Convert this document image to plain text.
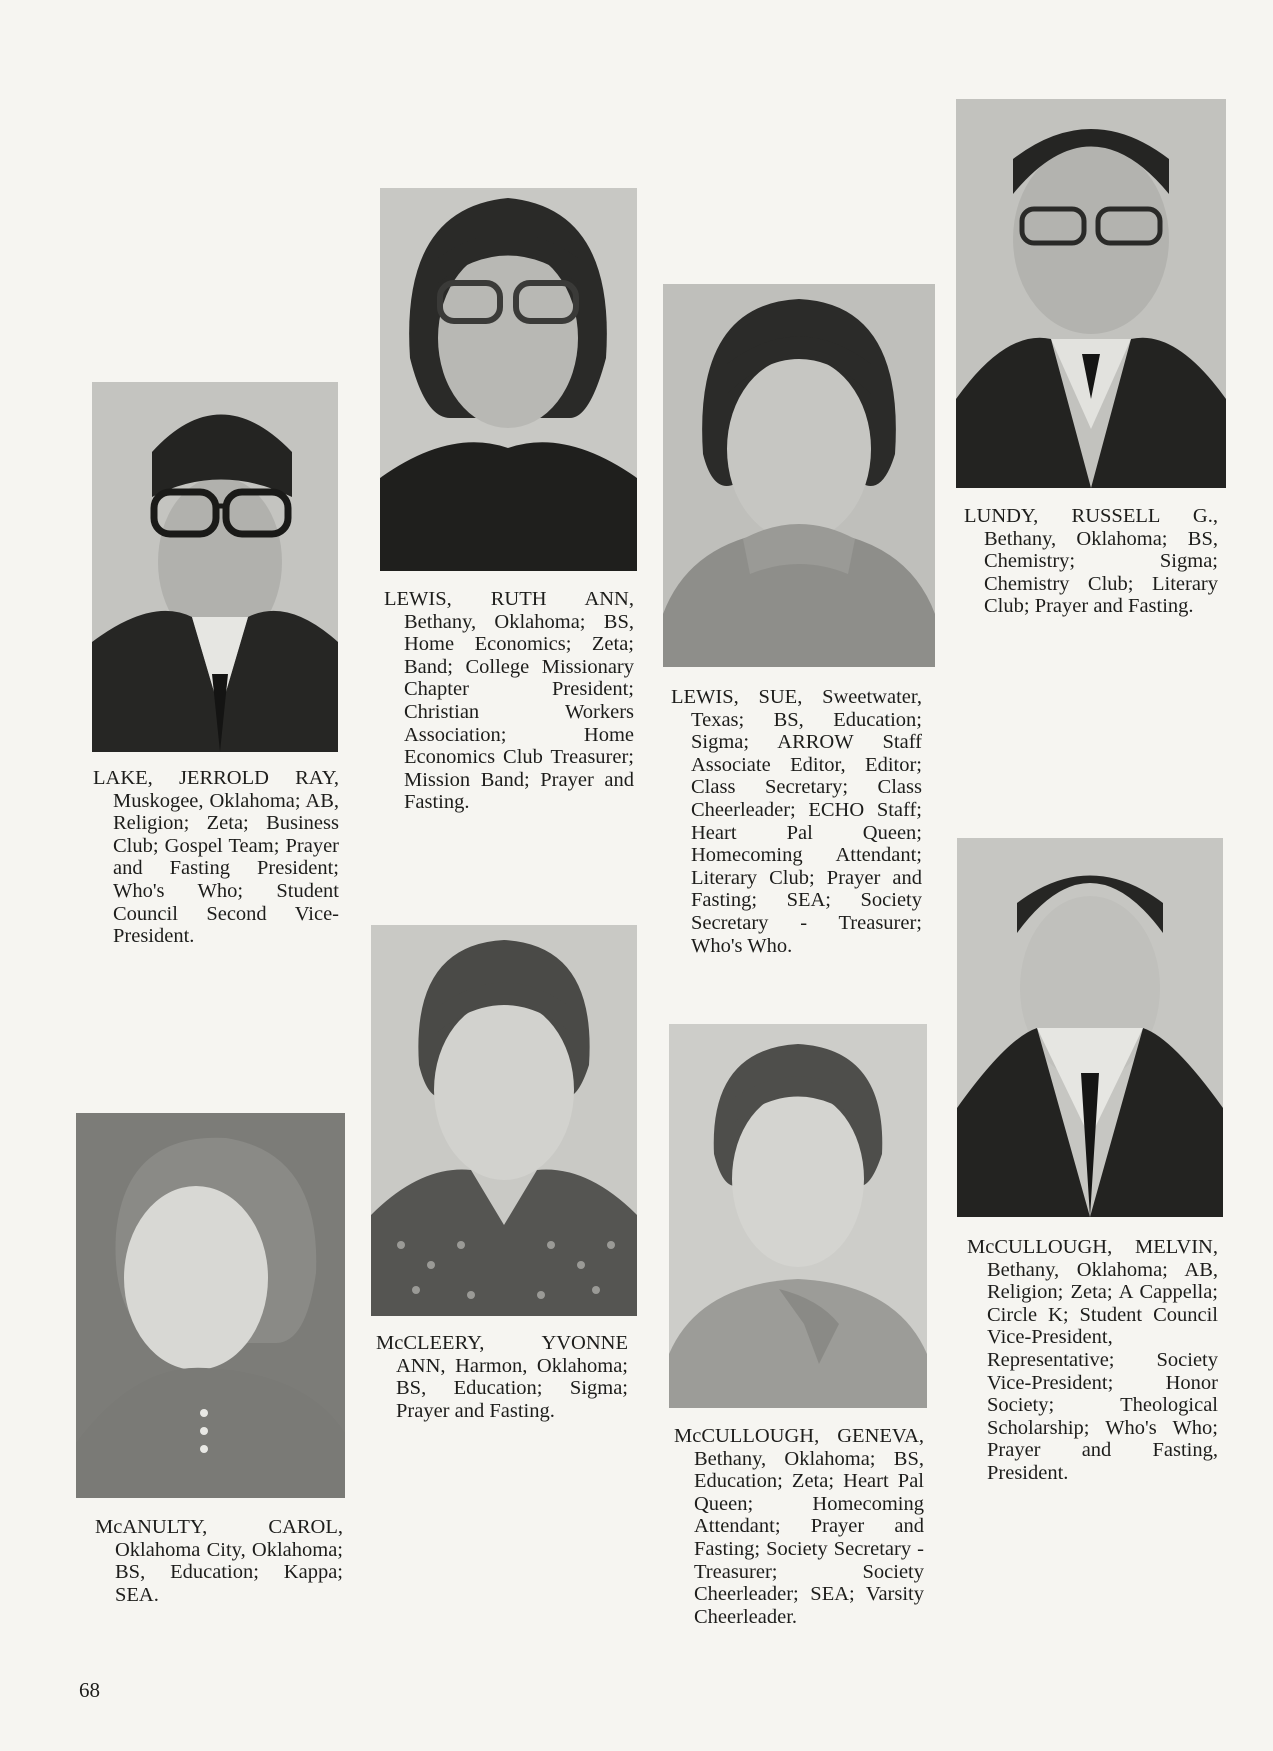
LAKE, JERROLD RAY, Muskogee, Oklahoma; AB, Religion; Zeta; Business Club; Gospel Team; Prayer and Fasting President; Who's Who; Student Council Second Vice-President.
LEWIS, RUTH ANN, Bethany, Oklahoma; BS, Home Economics; Zeta; Band; College Missionary Chapter President; Christian Workers Association; Home Economics Club Treasurer; Mission Band; Prayer and Fasting.
LEWIS, SUE, Sweetwater, Texas; BS, Education; Sigma; ARROW Staff Associate Editor, Editor; Class Secretary; Class Cheerleader; ECHO Staff; Heart Pal Queen; Homecoming Attendant; Literary Club; Prayer and Fasting; SEA; Society Secretary - Treasurer; Who's Who.
LUNDY, RUSSELL G., Bethany, Oklahoma; BS, Chemistry; Sigma; Chemistry Club; Literary Club; Prayer and Fasting.
McANULTY, CAROL, Oklahoma City, Oklahoma; BS, Education; Kappa; SEA.
McCLEERY, YVONNE ANN, Harmon, Oklahoma; BS, Education; Sigma; Prayer and Fasting.
McCULLOUGH, GENEVA, Bethany, Oklahoma; BS, Education; Zeta; Heart Pal Queen; Homecoming Attendant; Prayer and Fasting; Society Secretary - Treasurer; Society Cheerleader; SEA; Varsity Cheerleader.
McCULLOUGH, MELVIN, Bethany, Oklahoma; AB, Religion; Zeta; A Cappella; Circle K; Student Council Vice-President, Representative; Society Vice-President; Honor Society; Theological Scholarship; Who's Who; Prayer and Fasting, President.
68
